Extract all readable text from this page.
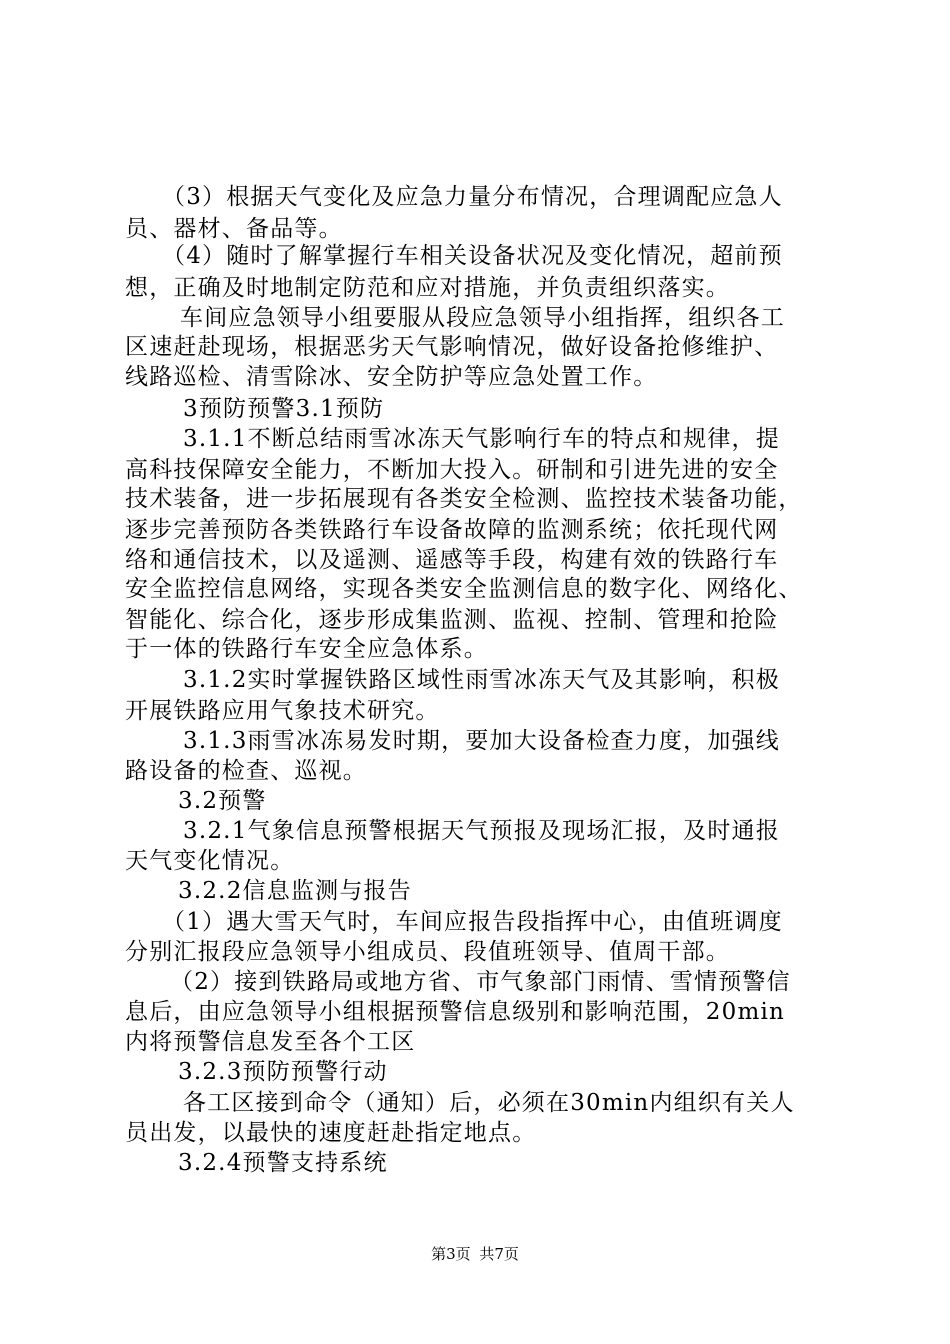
（3）根据天气变化及应急力量分布情况，合理调配应急人
员、器材、备品等。
（4）随时了解掌握行车相关设备状况及变化情况，超前预
想，正确及时地制定防范和应对措施，并负责组织落实。
车间应急领导小组要服从段应急领导小组指挥，组织各工
区速赶赴现场，根据恶劣天气影响情况，做好设备抢修维护、
线路巡检、清雪除冰、安全防护等应急处置工作。
3预防预警3.1预防
3.1.1不断总结雨雪冰冻天气影响行车的特点和规律，提
高科技保障安全能力，不断加大投入。研制和引进先进的安全
技术装备，进一步拓展现有各类安全检测、监控技术装备功能，
逐步完善预防各类铁路行车设备故障的监测系统；依托现代网
络和通信技术，以及遥测、遥感等手段，构建有效的铁路行车
安全监控信息网络，实现各类安全监测信息的数字化、网络化、
智能化、综合化，逐步形成集监测、监视、控制、管理和抢险
于一体的铁路行车安全应急体系。
3.1.2实时掌握铁路区域性雨雪冰冻天气及其影响，积极
开展铁路应用气象技术研究。
3.1.3雨雪冰冻易发时期，要加大设备检查力度，加强线
路设备的检查、巡视。
3.2预警
3.2.1气象信息预警根据天气预报及现场汇报，及时通报
天气变化情况。
3.2.2信息监测与报告
（1）遇大雪天气时，车间应报告段指挥中心，由值班调度
分别汇报段应急领导小组成员、段值班领导、值周干部。
（2）接到铁路局或地方省、市气象部门雨情、雪情预警信
息后，由应急领导小组根据预警信息级别和影响范围，20min
内将预警信息发至各个工区
3.2.3预防预警行动
各工区接到命令（通知）后，必须在30min内组织有关人
员出发，以最快的速度赶赴指定地点。
3.2.4预警支持系统
第3页 共7页
